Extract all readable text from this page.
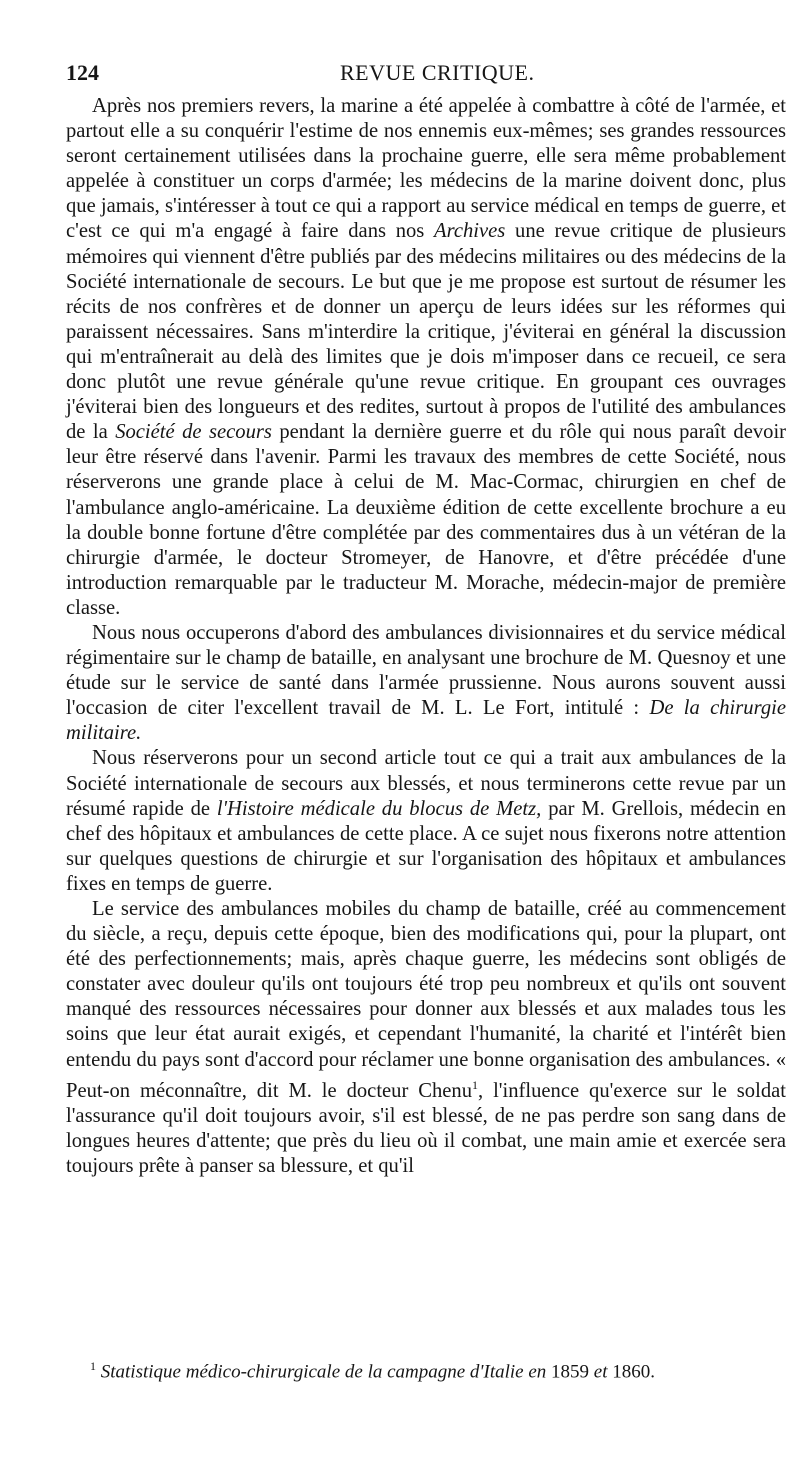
124	REVUE CRITIQUE.

Après nos premiers revers, la marine a été appelée à combattre à côté de l'armée, et partout elle a su conquérir l'estime de nos ennemis eux-mêmes; ses grandes ressources seront certainement utilisées dans la prochaine guerre, elle sera même probablement appelée à constituer un corps d'armée; les médecins de la marine doivent donc, plus que jamais, s'intéresser à tout ce qui a rapport au service médical en temps de guerre, et c'est ce qui m'a engagé à faire dans nos Archives une revue critique de plusieurs mémoires qui viennent d'être publiés par des médecins militaires ou des médecins de la Société internationale de secours. Le but que je me propose est surtout de résumer les récits de nos confrères et de donner un aperçu de leurs idées sur les réformes qui paraissent nécessaires. Sans m'interdire la critique, j'éviterai en général la discussion qui m'entraînerait au delà des limites que je dois m'imposer dans ce recueil, ce sera donc plutôt une revue générale qu'une revue critique. En groupant ces ouvrages j'éviterai bien des longueurs et des redites, surtout à propos de l'utilité des ambulances de la Société de secours pendant la dernière guerre et du rôle qui nous paraît devoir leur être réservé dans l'avenir. Parmi les travaux des membres de cette Société, nous réserverons une grande place à celui de M. Mac-Cormac, chirurgien en chef de l'ambulance anglo-américaine. La deuxième édition de cette excellente brochure a eu la double bonne fortune d'être complétée par des commentaires dus à un vétéran de la chirurgie d'armée, le docteur Stromeyer, de Hanovre, et d'être précédée d'une introduction remarquable par le traducteur M. Morache, médecin-major de première classe.

Nous nous occuperons d'abord des ambulances divisionnaires et du service médical régimentaire sur le champ de bataille, en analysant une brochure de M. Quesnoy et une étude sur le service de santé dans l'armée prussienne. Nous aurons souvent aussi l'occasion de citer l'excellent travail de M. L. Le Fort, intitulé : De la chirurgie militaire.

Nous réserverons pour un second article tout ce qui a trait aux ambulances de la Société internationale de secours aux blessés, et nous terminerons cette revue par un résumé rapide de l'Histoire médicale du blocus de Metz, par M. Grellois, médecin en chef des hôpitaux et ambulances de cette place. A ce sujet nous fixerons notre attention sur quelques questions de chirurgie et sur l'organisation des hôpitaux et ambulances fixes en temps de guerre.

Le service des ambulances mobiles du champ de bataille, créé au commencement du siècle, a reçu, depuis cette époque, bien des modifications qui, pour la plupart, ont été des perfectionnements; mais, après chaque guerre, les médecins sont obligés de constater avec douleur qu'ils ont toujours été trop peu nombreux et qu'ils ont souvent manqué des ressources nécessaires pour donner aux blessés et aux malades tous les soins que leur état aurait exigés, et cependant l'humanité, la charité et l'intérêt bien entendu du pays sont d'accord pour réclamer une bonne organisation des ambulances. « Peut-on méconnaître, dit M. le docteur Chenu$^1$, l'influence qu'exerce sur le soldat l'assurance qu'il doit toujours avoir, s'il est blessé, de ne pas perdre son sang dans de longues heures d'attente; que près du lieu où il combat, une main amie et exercée sera toujours prête à panser sa blessure, et qu'il

$^1$ Statistique médico-chirurgicale de la campagne d'Italie en 1859 et 1860.
